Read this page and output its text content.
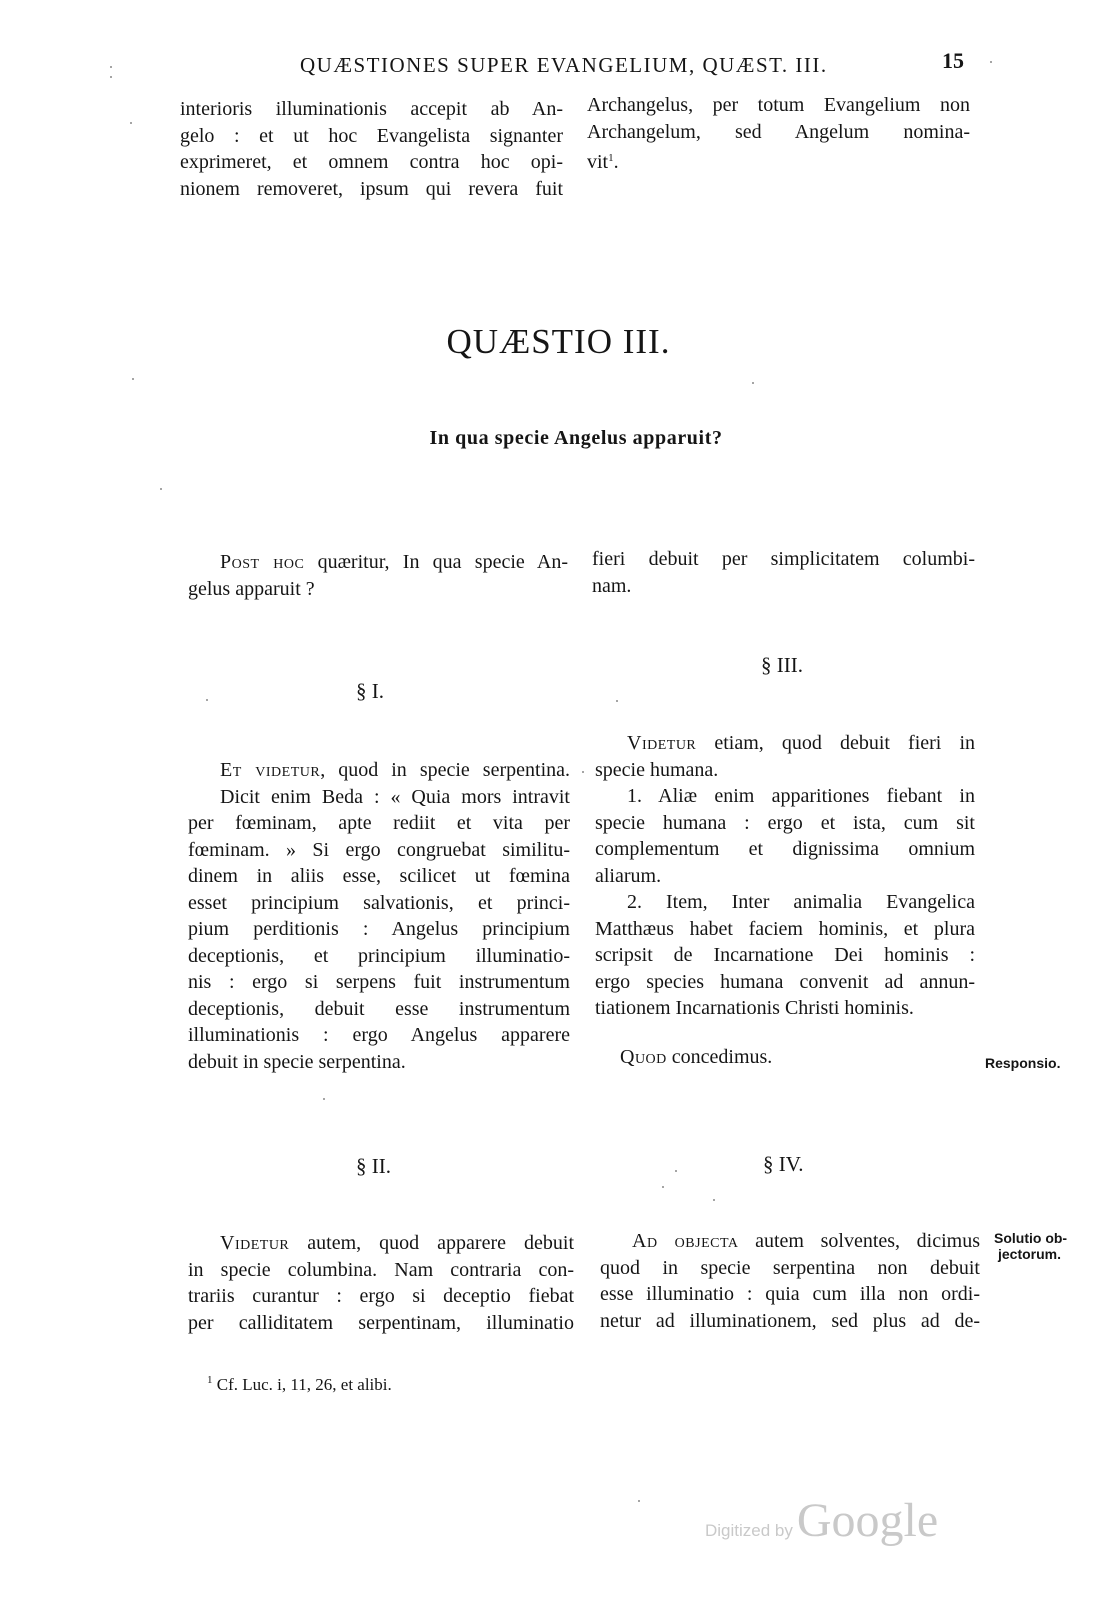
QUÆSTIONES SUPER EVANGELIUM, QUÆST. III.	15

interioris illuminationis accepit ab An-

gelo : et ut hoc Evangelista signanter

exprimeret, et omnem contra hoc opi-

nionem removeret, ipsum qui revera fuit

Archangelus, per totum Evangelium non

Archangelum, sed Angelum nomina-

vit$^1$.

QUÆSTIO III.
In qua specie Angelus apparuit?

Post hoc quæritur, In qua specie An-

gelus apparuit ?

fieri debuit per simplicitatem columbi-

nam.

§ I.

Et videtur, quod in specie serpentina.

Dicit enim Beda : « Quia mors intravit

per fœminam, apte rediit et vita per

fœminam. » Si ergo congruebat similitu-

dinem in aliis esse, scilicet ut fœmina

esset principium salvationis, et princi-

pium perditionis : Angelus principium

deceptionis, et principium illuminatio-

nis : ergo si serpens fuit instrumentum

deceptionis, debuit esse instrumentum

illuminationis : ergo Angelus apparere

debuit in specie serpentina.

§ III.

Videtur etiam, quod debuit fieri in

specie humana.

1. Aliæ enim apparitiones fiebant in

specie humana : ergo et ista, cum sit

complementum et dignissima omnium

aliarum.

2. Item, Inter animalia Evangelica

Matthæus habet faciem hominis, et plura

scripsit de Incarnatione Dei hominis :

ergo species humana convenit ad annun-

tiationem Incarnationis Christi hominis.

Quod concedimus.	Responsio.
§ II.

Videtur autem, quod apparere debuit

in specie columbina. Nam contraria con-

trariis curantur : ergo si deceptio fiebat

per calliditatem serpentinam, illuminatio

§ IV.

Ad objecta autem solventes, dicimus

quod in specie serpentina non debuit

esse illuminatio : quia cum illa non ordi-

netur ad illuminationem, sed plus ad de-

Solutio ob-
jectorum.
$^1$ Cf. Luc. i, 11, 26, et alibi.
Digitized byGoogle
